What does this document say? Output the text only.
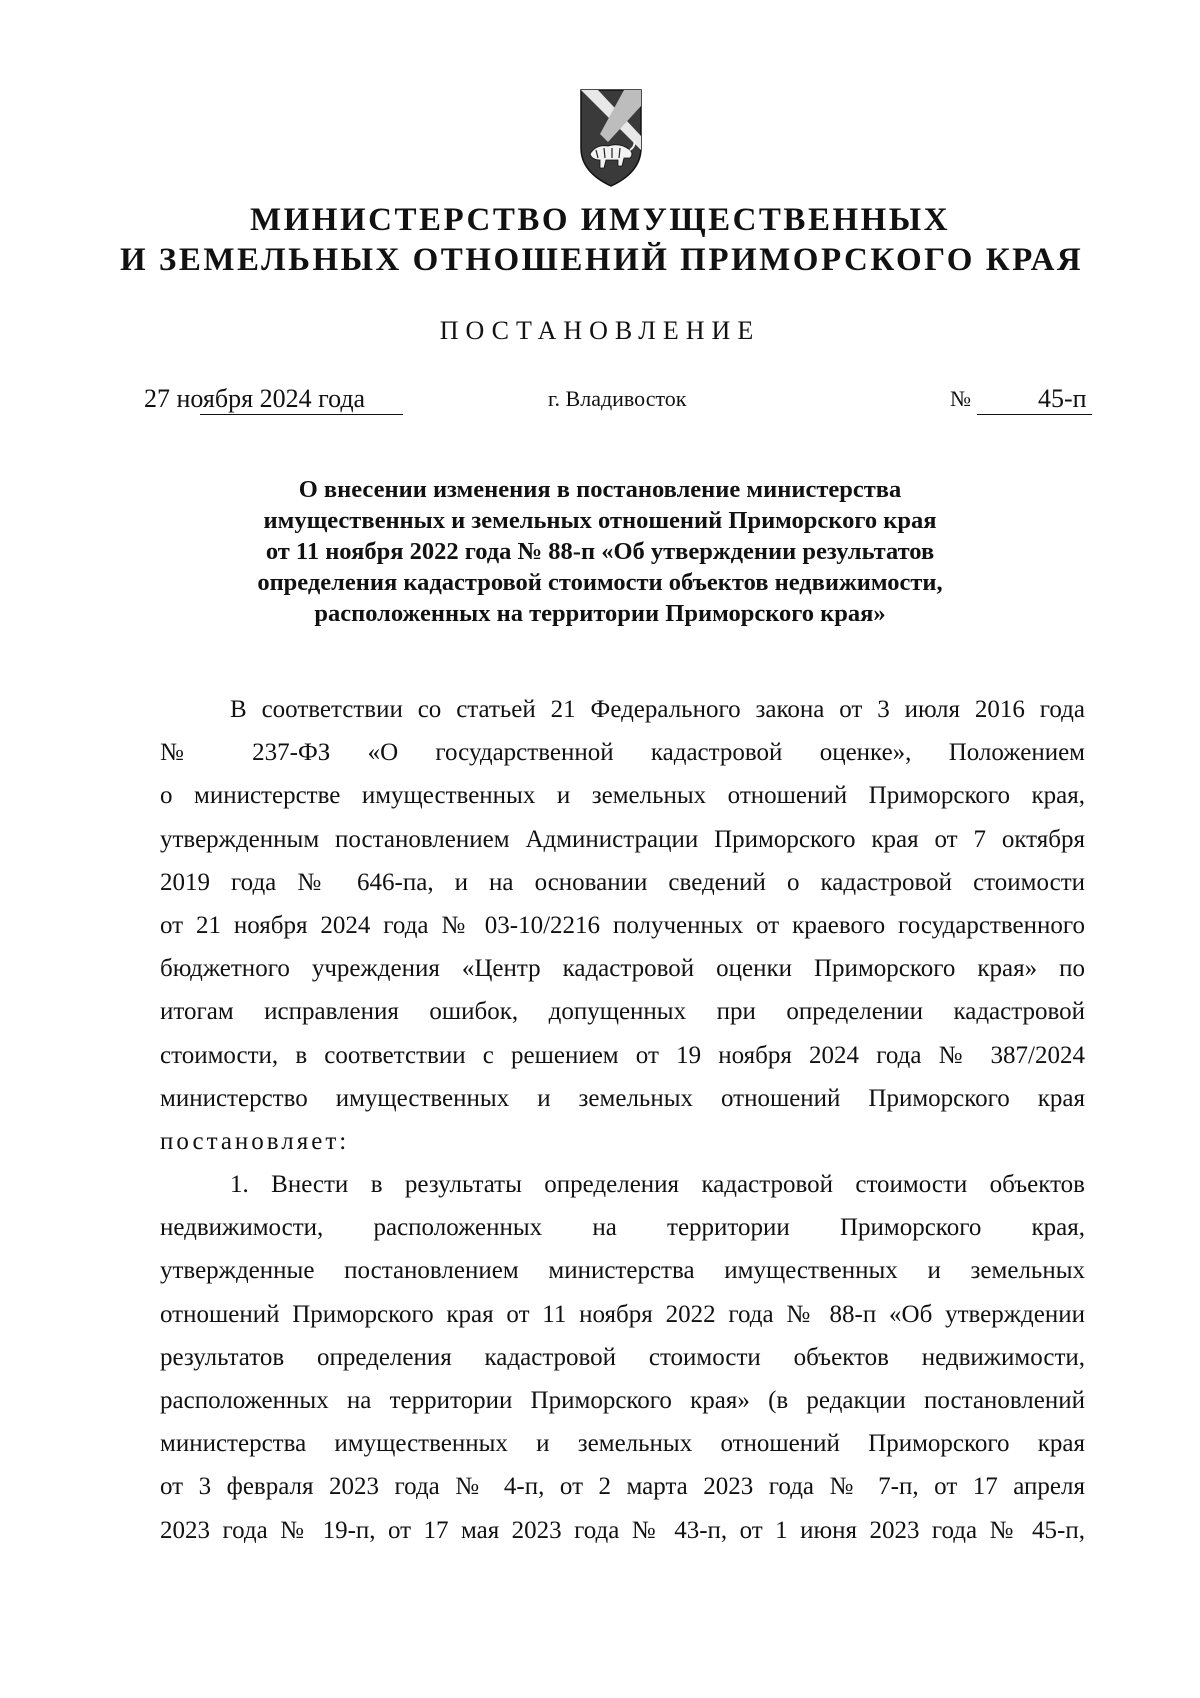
МИНИСТЕРСТВО ИМУЩЕСТВЕННЫХ
И ЗЕМЕЛЬНЫХ ОТНОШЕНИЙ ПРИМОРСКОГО КРАЯ
ПОСТАНОВЛЕНИЕ
27 ноября 2024 года	г. Владивосток	№	45-п
О внесении изменения в постановление министерства
имущественных и земельных отношений Приморского края
от 11 ноября 2022 года № 88-п «Об утверждении результатов
определения кадастровой стоимости объектов недвижимости,
расположенных на территории Приморского края»
В соответствии со статьей 21 Федерального закона от 3 июля 2016 года
№ 237-ФЗ «О государственной кадастровой оценке», Положением
о министерстве имущественных и земельных отношений Приморского края,
утвержденным постановлением Администрации Приморского края от 7 октября
2019 года № 646-па, и на основании сведений о кадастровой стоимости
от 21 ноября 2024 года № 03-10/2216 полученных от краевого государственного
бюджетного учреждения «Центр кадастровой оценки Приморского края» по
итогам исправления ошибок, допущенных при определении кадастровой
стоимости, в соответствии с решением от 19 ноября 2024 года № 387/2024
министерство имущественных и земельных отношений Приморского края
постановляет:
1. Внести в результаты определения кадастровой стоимости объектов
недвижимости, расположенных на территории Приморского края,
утвержденные постановлением министерства имущественных и земельных
отношений Приморского края от 11 ноября 2022 года № 88-п «Об утверждении
результатов определения кадастровой стоимости объектов недвижимости,
расположенных на территории Приморского края» (в редакции постановлений
министерства имущественных и земельных отношений Приморского края
от 3 февраля 2023 года № 4-п, от 2 марта 2023 года № 7-п, от 17 апреля
2023 года № 19-п, от 17 мая 2023 года № 43-п, от 1 июня 2023 года № 45-п,
